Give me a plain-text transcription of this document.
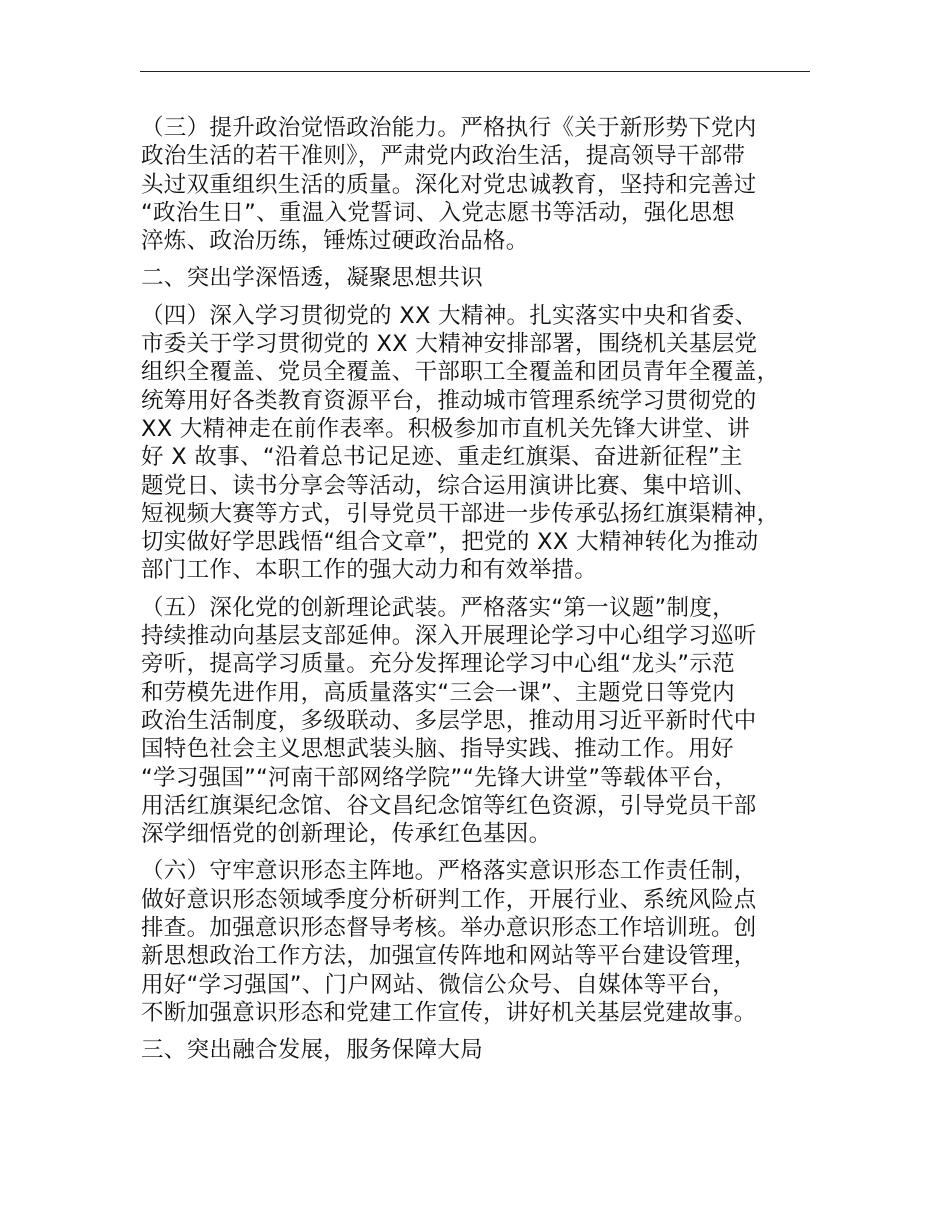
（三）提升政治觉悟政治能力。严格执行《关于新形势下党内
政治生活的若干准则》，严肃党内政治生活，提高领导干部带
头过双重组织生活的质量。深化对党忠诚教育，坚持和完善过
“政治生日”、重温入党誓词、入党志愿书等活动，强化思想
淬炼、政治历练，锤炼过硬政治品格。
二、突出学深悟透，凝聚思想共识
（四）深入学习贯彻党的 XX 大精神。扎实落实中央和省委、
市委关于学习贯彻党的 XX 大精神安排部署，围绕机关基层党
组织全覆盖、党员全覆盖、干部职工全覆盖和团员青年全覆盖，
统筹用好各类教育资源平台，推动城市管理系统学习贯彻党的
XX 大精神走在前作表率。积极参加市直机关先锋大讲堂、讲
好 X 故事、“沿着总书记足迹、重走红旗渠、奋进新征程”主
题党日、读书分享会等活动，综合运用演讲比赛、集中培训、
短视频大赛等方式，引导党员干部进一步传承弘扬红旗渠精神，
切实做好学思践悟“组合文章”，把党的 XX 大精神转化为推动
部门工作、本职工作的强大动力和有效举措。
（五）深化党的创新理论武装。严格落实“第一议题”制度，
持续推动向基层支部延伸。深入开展理论学习中心组学习巡听
旁听，提高学习质量。充分发挥理论学习中心组“龙头”示范
和劳模先进作用，高质量落实“三会一课”、主题党日等党内
政治生活制度，多级联动、多层学思，推动用习近平新时代中
国特色社会主义思想武装头脑、指导实践、推动工作。用好
“学习强国”“河南干部网络学院”“先锋大讲堂”等载体平台，
用活红旗渠纪念馆、谷文昌纪念馆等红色资源，引导党员干部
深学细悟党的创新理论，传承红色基因。
（六）守牢意识形态主阵地。严格落实意识形态工作责任制，
做好意识形态领域季度分析研判工作，开展行业、系统风险点
排查。加强意识形态督导考核。举办意识形态工作培训班。创
新思想政治工作方法，加强宣传阵地和网站等平台建设管理，
用好“学习强国”、门户网站、微信公众号、自媒体等平台，
不断加强意识形态和党建工作宣传，讲好机关基层党建故事。
三、突出融合发展，服务保障大局
